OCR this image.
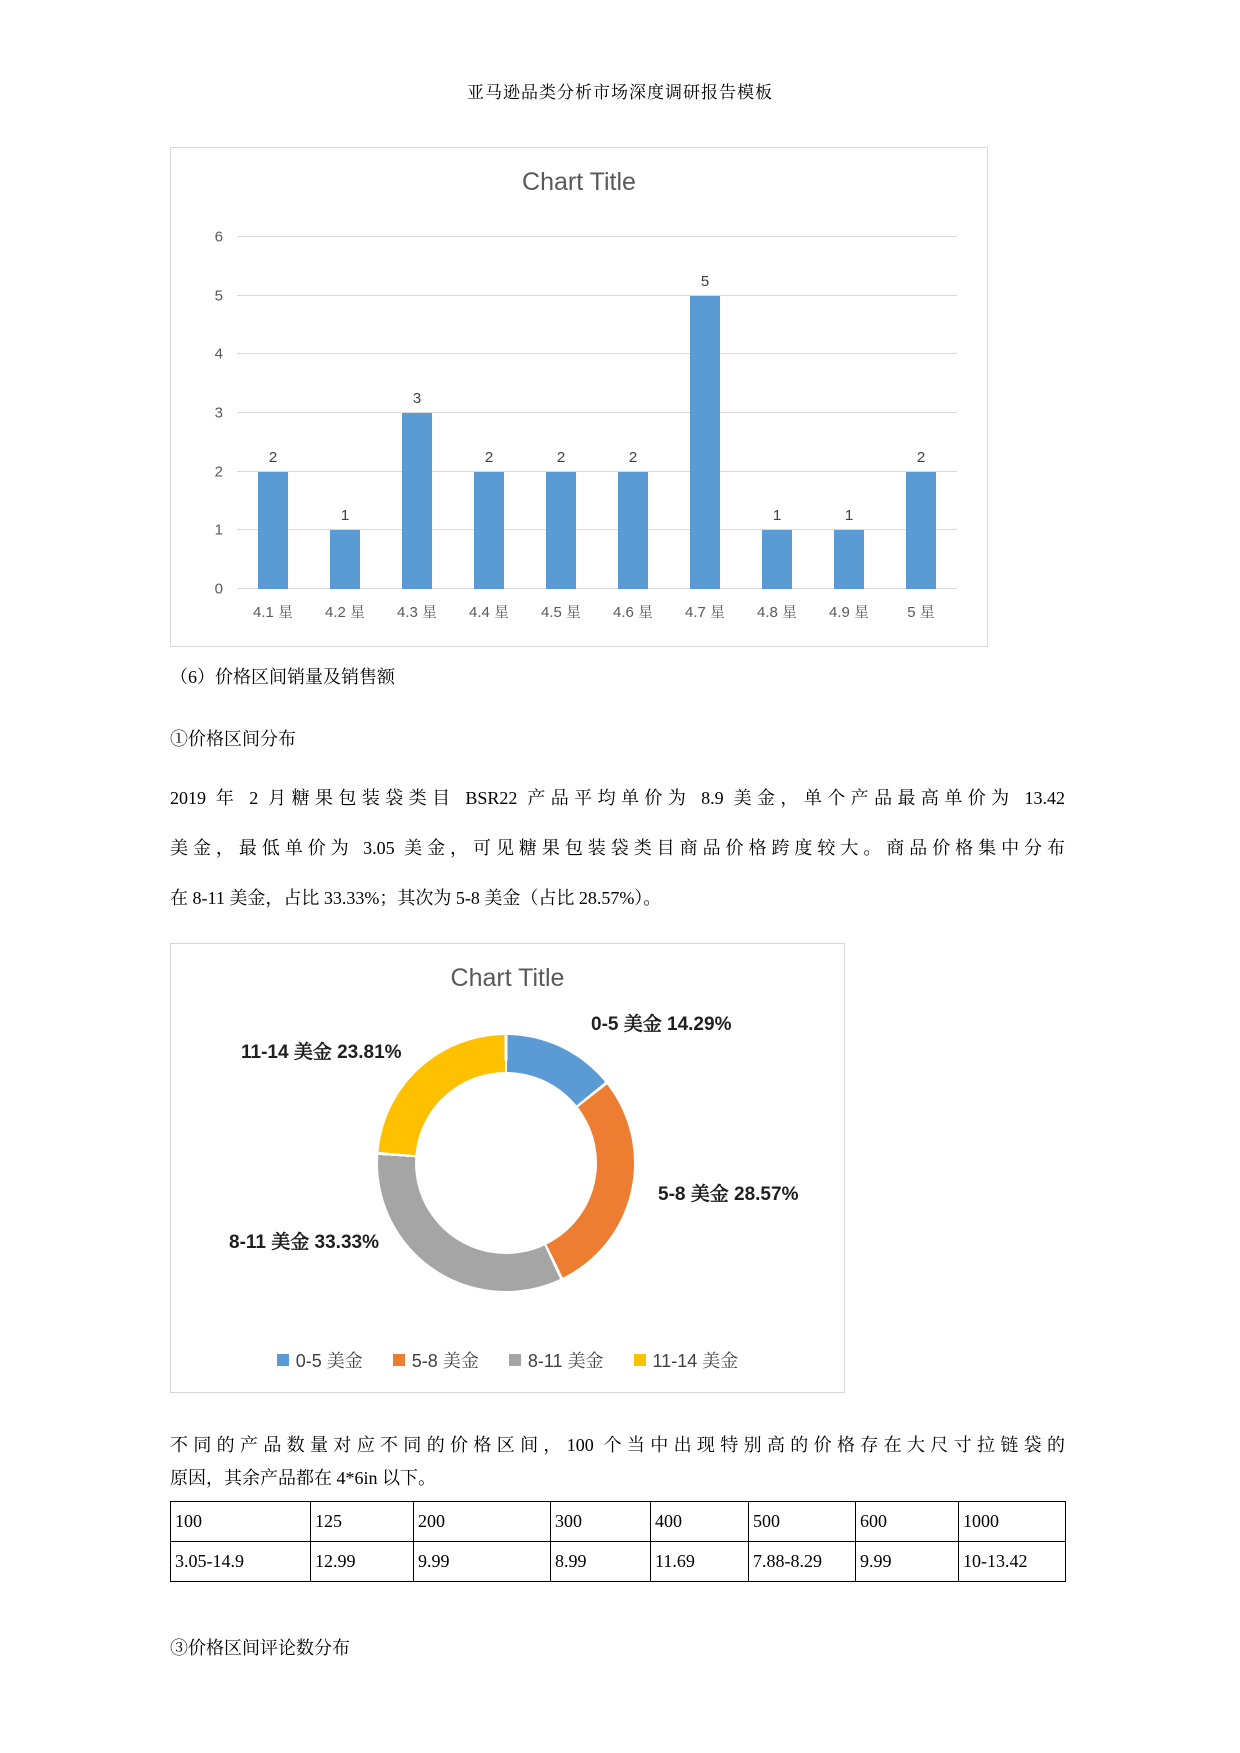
亚马逊品类分析市场深度调研报告模板
Chart Title
0
1
2
3
4
5
6
2
1
3
2	2	2
5
1	1
2
4.1 星	4.2 星	4.3 星	4.4 星	4.5 星	4.6 星	4.7 星	4.8 星	4.9 星	5 星
（6）价格区间销量及销售额
①价格区间分布
2019 年 2 月糖果包装袋类目 BSR22 产品平均单价为 8.9 美金，单个产品最高单价为 13.42
美金，最低单价为 3.05 美金，可见糖果包装袋类目商品价格跨度较大。商品价格集中分布
在 8-11 美金，占比 33.33%；其次为 5-8 美金（占比 28.57%）。
Chart Title
0-5 美金 14.29%
5-8 美金 28.57%
8-11 美金 33.33%
11-14 美金 23.81%
0-5 美金	5-8 美金	8-11 美金	11-14 美金
不同的产品数量对应不同的价格区间，100 个当中出现特别高的价格存在大尺寸拉链袋的
原因，其余产品都在 4*6in 以下。
100	125	200	300	400	500	600	1000
3.05-14.9	12.99	9.99	8.99	11.69	7.88-8.29	9.99	10-13.42
③价格区间评论数分布
